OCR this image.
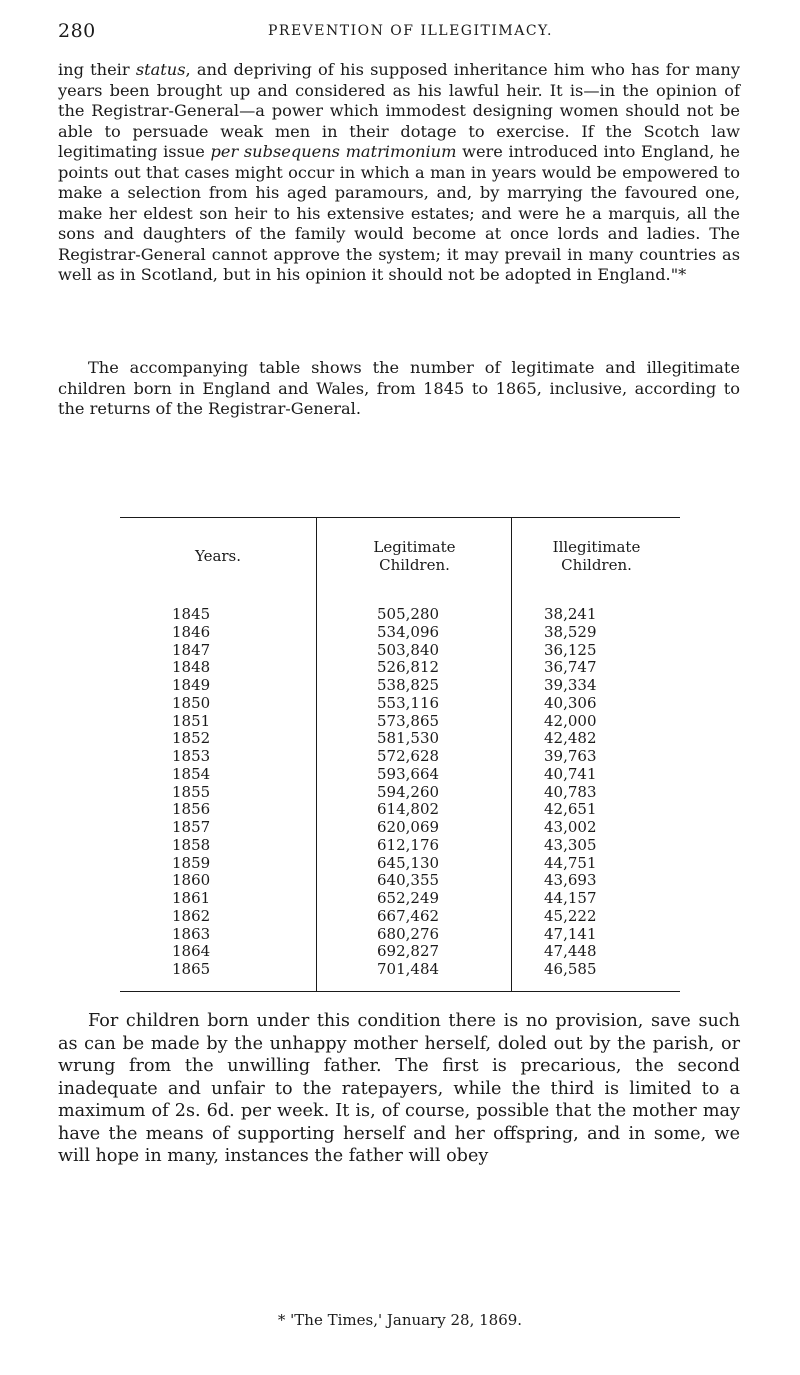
280	PREVENTION OF ILLEGITIMACY.

ing their status, and depriving of his supposed inheritance him who has for many years been brought up and considered as his lawful heir. It is—in the opinion of the Registrar-General—a power which immodest designing women should not be able to persuade weak men in their dotage to exercise. If the Scotch law legitimating issue per subsequens matrimonium were introduced into England, he points out that cases might occur in which a man in years would be empowered to make a selection from his aged paramours, and, by marrying the favoured one, make her eldest son heir to his extensive estates; and were he a marquis, all the sons and daughters of the family would become at once lords and ladies. The Registrar-General cannot approve the system; it may prevail in many countries as well as in Scotland, but in his opinion it should not be adopted in England."*

The accompanying table shows the number of legitimate and illegitimate children born in England and Wales, from 1845 to 1865, inclusive, according to the returns of the Registrar-General.

Years.
1845
1846
1847
1848
1849
1850
1851
1852
1853
1854
1855
1856
1857
1858
1859
1860
1861
1862
1863
1864
1865
Legitimate
Children.
505,280
534,096
503,840
526,812
538,825
553,116
573,865
581,530
572,628
593,664
594,260
614,802
620,069
612,176
645,130
640,355
652,249
667,462
680,276
692,827
701,484
Illegitimate
Children.
38,241
38,529
36,125
36,747
39,334
40,306
42,000
42,482
39,763
40,741
40,783
42,651
43,002
43,305
44,751
43,693
44,157
45,222
47,141
47,448
46,585

For children born under this condition there is no provision, save such as can be made by the unhappy mother herself, doled out by the parish, or wrung from the unwilling father. The first is precarious, the second inadequate and unfair to the ratepayers, while the third is limited to a maximum of 2s. 6d. per week. It is, of course, possible that the mother may have the means of supporting herself and her offspring, and in some, we will hope in many, instances the father will obey

* 'The Times,' January 28, 1869.
